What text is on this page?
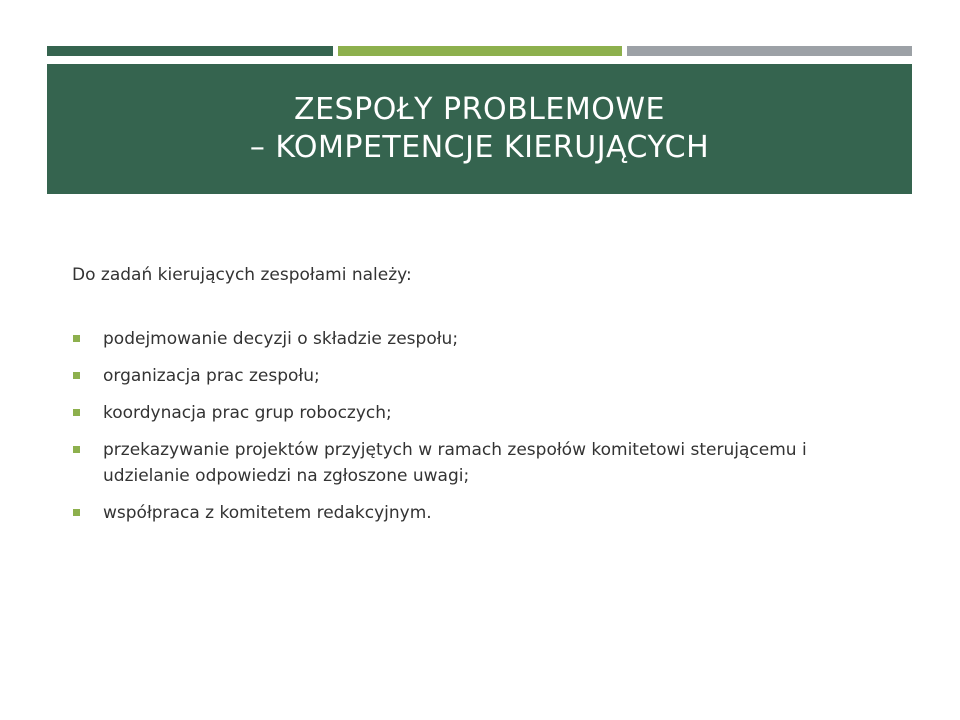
ZESPOŁY PROBLEMOWE
– KOMPETENCJE KIERUJĄCYCH

Do zadań kierujących zespołami należy:

podejmowanie decyzji o składzie zespołu;
organizacja prac zespołu;
koordynacja prac grup roboczych;
przekazywanie projektów przyjętych w ramach zespołów komitetowi sterującemu i udzielanie odpowiedzi na zgłoszone uwagi;
współpraca z komitetem redakcyjnym.
